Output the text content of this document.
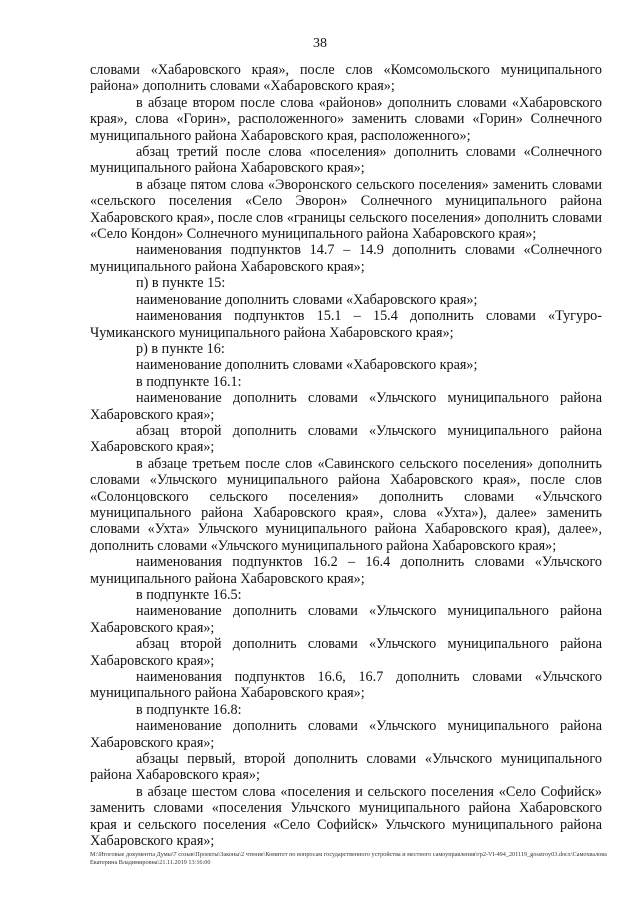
38

словами «Хабаровского края», после слов «Комсомольского муниципального района» дополнить словами «Хабаровского края»;

в абзаце втором после слова «районов» дополнить словами «Хабаровского края», слова «Горин», расположенного» заменить словами «Горин» Солнечного муниципального района Хабаровского края, расположенного»;

абзац третий после слова «поселения» дополнить словами «Солнечного муниципального района Хабаровского края»;

в абзаце пятом слова «Эворонского сельского поселения» заменить словами «сельского поселения «Село Эворон» Солнечного муниципального района Хабаровского края», после слов «границы сельского поселения» дополнить словами «Село Кондон» Солнечного муниципального района Хабаровского края»;

наименования подпунктов 14.7 – 14.9 дополнить словами «Солнечного муниципального района Хабаровского края»;

п) в пункте 15:

наименование дополнить словами «Хабаровского края»;

наименования подпунктов 15.1 – 15.4 дополнить словами «Тугуро-Чумиканского муниципального района Хабаровского края»;

р) в пункте 16:

наименование дополнить словами «Хабаровского края»;

в подпункте 16.1:

наименование дополнить словами «Ульчского муниципального района Хабаровского края»;

абзац второй дополнить словами «Ульчского муниципального района Хабаровского края»;

в абзаце третьем после слов «Савинского сельского поселения» дополнить словами «Ульчского муниципального района Хабаровского края», после слов «Солонцовского сельского поселения» дополнить словами «Ульчского муниципального района Хабаровского края», слова «Ухта»), далее» заменить словами «Ухта» Ульчского муниципального района Хабаровского края), далее», дополнить словами «Ульчского муниципального района Хабаровского края»;

наименования подпунктов 16.2 – 16.4 дополнить словами «Ульчского муниципального района Хабаровского края»;

в подпункте 16.5:

наименование дополнить словами «Ульчского муниципального района Хабаровского края»;

абзац второй дополнить словами «Ульчского муниципального района Хабаровского края»;

наименования подпунктов 16.6, 16.7 дополнить словами «Ульчского муниципального района Хабаровского края»;

в подпункте 16.8:

наименование дополнить словами «Ульчского муниципального района Хабаровского края»;

абзацы первый, второй дополнить словами «Ульчского муниципального района Хабаровского края»;

в абзаце шестом слова «поселения и сельского поселения «Село Софийск» заменить словами «поселения Ульчского муниципального района Хабаровского края и сельского поселения «Село Софийск» Ульчского муниципального района Хабаровского края»;

M:\Итоговые документы Думы\7 созыв\Проекты\Законы\2 чтение\Комитет по вопросам государственного устройства и местного самоуправления\гр2-VI-494_201119_gosstroy03.docx\Самохвалова Екатерина Владимировна\21.11.2019 13:16:00
